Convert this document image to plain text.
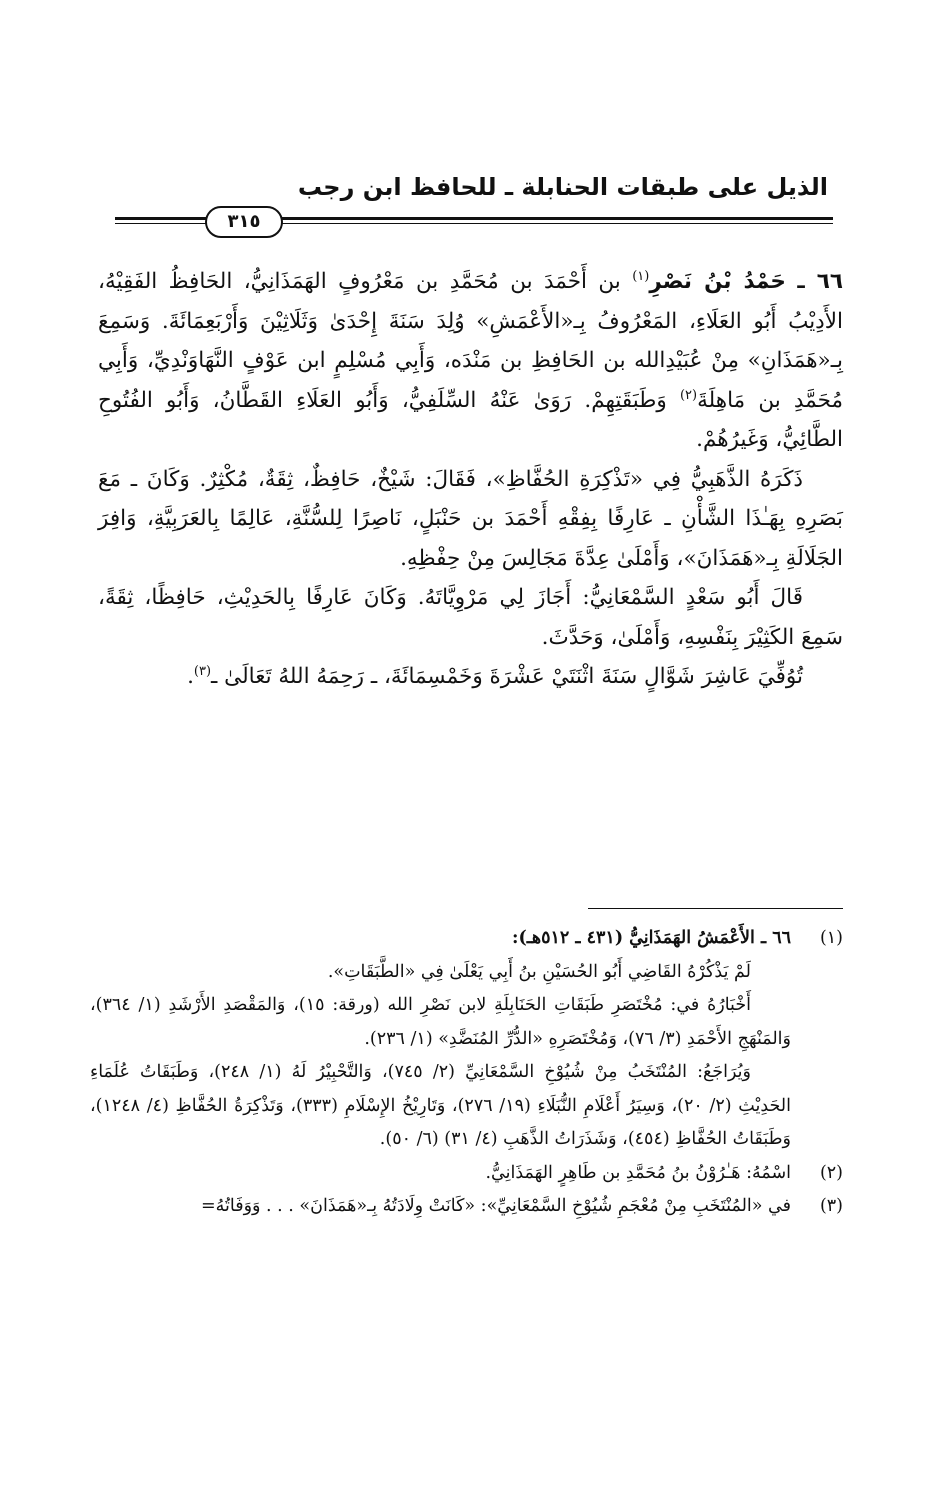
الذيل على طبقات الحنابلة ـ للحافظ ابن رجب
٣١٥

٦٦ ـ حَمْدُ بْنُ نَصْرِ$^{(١)}$ بن أَحْمَدَ بن مُحَمَّدِ بن مَعْرُوفٍ الهَمَذَانِيُّ، الحَافِظُ الفَقِيْهُ، الأَدِيْبُ أَبُو العَلَاءِ، المَعْرُوفُ بِـ«الأَعْمَشِ» وُلِدَ سَنَةَ إِحْدَىٰ وَثَلَاثِيْنَ وَأَرْبَعِمَائَةَ. وَسَمِعَ بِـ«هَمَذَانِ» مِنْ عُبَيْدِالله بن الحَافِظِ بن مَنْدَه، وَأَبِي مُسْلِمٍ ابن عَوْفٍ النَّهَاوَنْدِيِّ، وَأَبِي مُحَمَّدِ بن مَاهِلَةَ$^{(٢)}$ وَطَبَقَتِهِمْ. رَوَىٰ عَنْهُ السِّلَفِيُّ، وَأَبُو العَلَاءِ القَطَّانُ، وَأَبُو الفُتُوحِ الطَّائِيُّ، وَغَيرُهُمْ.

ذَكَرَهُ الذَّهَبِيُّ فِي «تَذْكِرَةِ الحُفَّاظِ»، فَقَالَ: شَيْخٌ، حَافِظٌ، ثِقَةٌ، مُكْثِرٌ. وَكَانَ ـ مَعَ بَصَرِهِ بِهَـٰذَا الشَّأْنِ ـ عَارِفًا بِفِقْهِ أَحْمَدَ بن حَنْبَلٍ، نَاصِرًا لِلسُّنَّةِ، عَالِمًا بِالعَرَبِيَّةِ، وَافِرَ الجَلَالَةِ بِـ«هَمَذَانَ»، وَأَمْلَىٰ عِدَّةَ مَجَالِسَ مِنْ حِفْظِهِ.

قَالَ أَبُو سَعْدٍ السَّمْعَانِيُّ: أَجَازَ لِي مَرْوِيَّاتَهُ. وَكَانَ عَارِفًا بِالحَدِيْثِ، حَافِظًا، ثِقَةً، سَمِعَ الكَثِيْرَ بِنَفْسِهِ، وَأَمْلَىٰ، وَحَدَّثَ.

تُوُفِّيَ عَاشِرَ شَوَّالٍ سَنَةَ اثْنَتَيْ عَشْرَةَ وَخَمْسِمَائَةَ، ـ رَحِمَهُ اللهُ تَعَالَىٰ ـ$^{(٣)}$.

(١)

٦٦ ـ الأَعْمَشُ الهَمَذَانِيُّ (٤٣١ ـ ٥١٢هـ):

لَمْ يَذْكُرْهُ القَاضِي أَبُو الحُسَيْنِ بنُ أَبِي يَعْلَىٰ فِي «الطَّبَقَاتِ».

أَخْبَارُهُ في: مُخْتَصَرِ طَبَقَاتِ الحَنَابِلَةِ لابن نَصْرِ الله (ورقة: ١٥)، وَالمَقْصَدِ الأَرْشَدِ (١/ ٣٦٤)، وَالمَنْهَجِ الأَحْمَدِ (٣/ ٧٦)، وَمُخْتَصَرِهِ «الدُّرِّ المُنَضَّدِ» (١/ ٢٣٦).

وَيُرَاجَعُ: المُنْتَخَبُ مِنْ شُيُوْخِ السَّمْعَانِيِّ (٢/ ٧٤٥)، وَالتَّحْبِيْرُ لَهُ (١/ ٢٤٨)، وَطَبَقَاتُ عُلَمَاءِ الحَدِيْثِ (٢/ ٢٠)، وَسِيَرُ أَعْلَامِ النُّبَلَاءِ (١٩/ ٢٧٦)، وَتَارِيْخُ الإِسْلَامِ (٣٣٣)، وَتَذْكِرَةُ الحُفَّاظِ (٤/ ١٢٤٨)، وَطَبَقَاتُ الحُفَّاظِ (٤٥٤)، وَشَذَرَاتُ الذَّهَبِ (٤/ ٣١) (٦/ ٥٠).

(٢)

اسْمُهُ: هَـٰرُوْنُ بنُ مُحَمَّدِ بن طَاهِرٍ الهَمَذَانِيُّ.

(٣)

في «المُنْتَخَبِ مِنْ مُعْجَمِ شُيُوْخِ السَّمْعَانِيِّ»: «كَانَتْ وِلَادَتُهُ بِـ«هَمَذَانَ» . . . وَوَفَاتُهُ=
